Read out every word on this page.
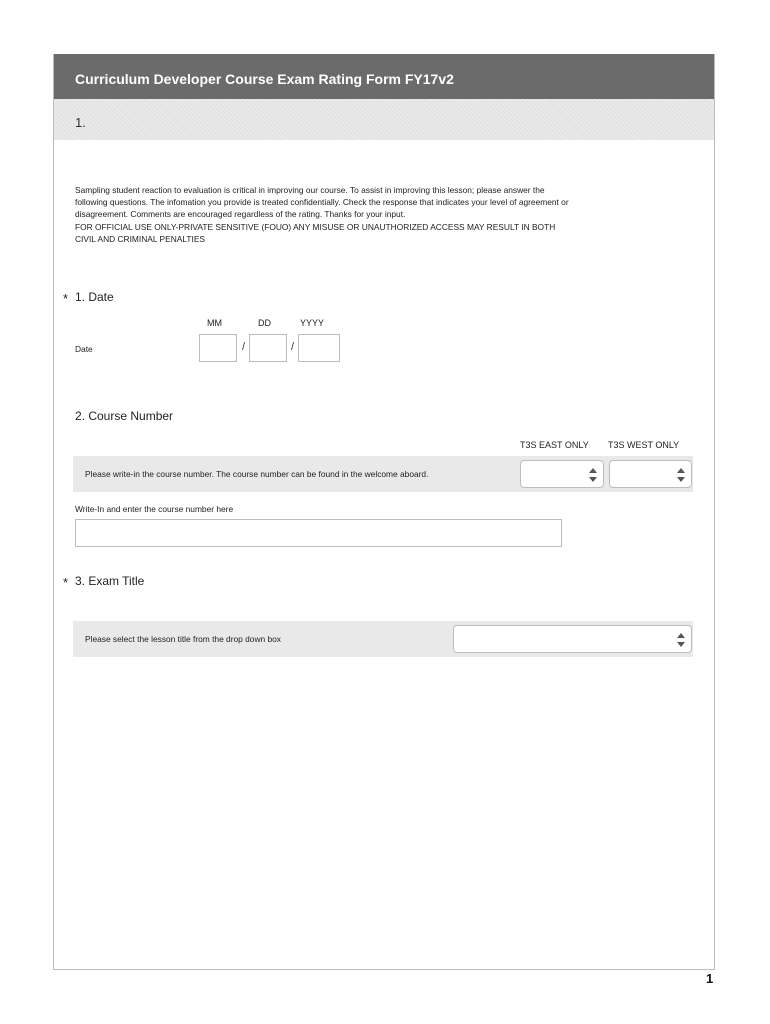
Curriculum Developer Course Exam Rating Form FY17v2
1.
Sampling student reaction to evaluation is critical in improving our course. To assist in improving this lesson; please answer the
following questions. The infomation you provide is treated confidentially. Check the response that indicates your level of agreement or
disagreement. Comments are encouraged regardless of the rating. Thanks for your input.
FOR OFFICIAL USE ONLY-PRIVATE SENSITIVE (FOUO) ANY MISUSE OR UNAUTHORIZED ACCESS MAY RESULT IN BOTH
CIVIL AND CRIMINAL PENALTIES
* 1. Date
MM	DD	YYYY
Date	/	/
2. Course Number
T3S EAST ONLY T3S WEST ONLY
Please write-in the course number. The course number can be found in the welcome aboard.
Write-In and enter the course number here
* 3. Exam Title
Please select the lesson title from the drop down box
1
